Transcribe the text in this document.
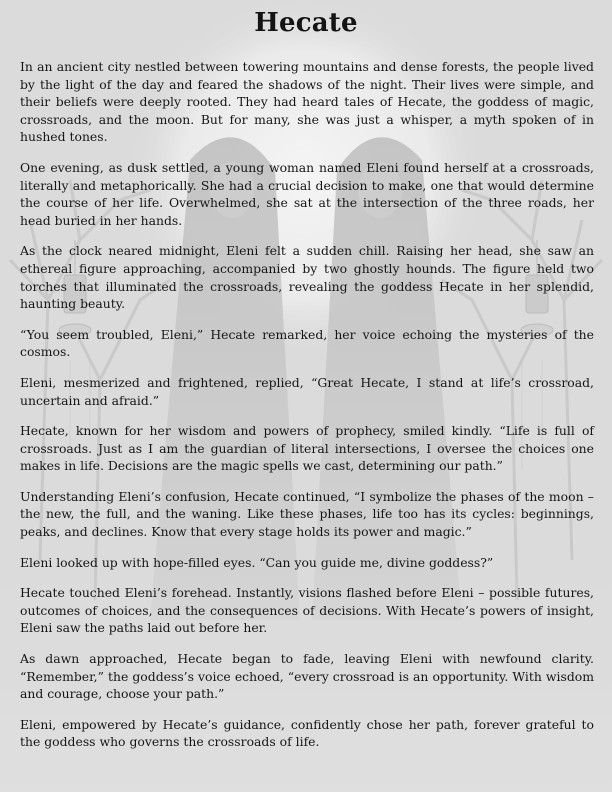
Hecate

In an ancient city nestled between towering mountains and dense forests, the people lived by the light of the day and feared the shadows of the night. Their lives were simple, and their beliefs were deeply rooted. They had heard tales of Hecate, the goddess of magic, crossroads, and the moon. But for many, she was just a whisper, a myth spoken of in hushed tones.

One evening, as dusk settled, a young woman named Eleni found herself at a crossroads, literally and metaphorically. She had a crucial decision to make, one that would determine the course of her life. Overwhelmed, she sat at the intersection of the three roads, her head buried in her hands.

As the clock neared midnight, Eleni felt a sudden chill. Raising her head, she saw an ethereal figure approaching, accompanied by two ghostly hounds. The figure held two torches that illuminated the crossroads, revealing the goddess Hecate in her splendid, haunting beauty.

“You seem troubled, Eleni,” Hecate remarked, her voice echoing the mysteries of the cosmos.

Eleni, mesmerized and frightened, replied, “Great Hecate, I stand at life’s crossroad, uncertain and afraid.”

Hecate, known for her wisdom and powers of prophecy, smiled kindly. “Life is full of crossroads. Just as I am the guardian of literal intersections, I oversee the choices one makes in life. Decisions are the magic spells we cast, determining our path.”

Understanding Eleni’s confusion, Hecate continued, “I symbolize the phases of the moon – the new, the full, and the waning. Like these phases, life too has its cycles: beginnings, peaks, and declines. Know that every stage holds its power and magic.”

Eleni looked up with hope-filled eyes. “Can you guide me, divine goddess?”

Hecate touched Eleni’s forehead. Instantly, visions flashed before Eleni – possible futures, outcomes of choices, and the consequences of decisions. With Hecate’s powers of insight, Eleni saw the paths laid out before her.

As dawn approached, Hecate began to fade, leaving Eleni with newfound clarity. “Remember,” the goddess’s voice echoed, “every crossroad is an opportunity. With wisdom and courage, choose your path.”

Eleni, empowered by Hecate’s guidance, confidently chose her path, forever grateful to the goddess who governs the crossroads of life.
